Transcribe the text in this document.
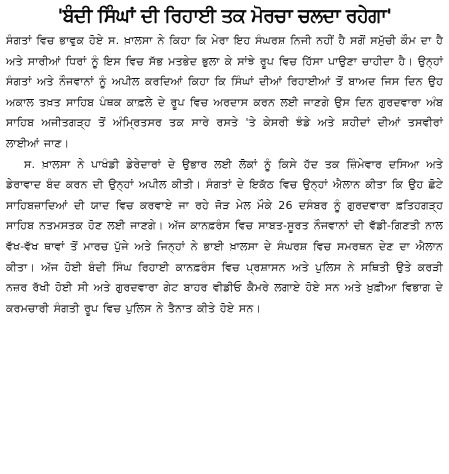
'ਬੰਦੀ ਸਿੰਘਾਂ ਦੀ ਰਿਹਾਈ ਤਕ ਮੋਰਚਾ ਚਲਦਾ ਰਹੇਗਾ'

ਸੰਗਤਾਂ ਵਿਚ ਭਾਵੁਕ ਹੋਏ ਸ. ਖ਼ਾਲਸਾ ਨੇ ਕਿਹਾ ਕਿ ਮੇਰਾ ਇਹ ਸੰਘਰਸ਼ ਨਿਜੀ ਨਹੀਂ ਹੈ ਸਗੋਂ ਸਮੁੱਚੀ ਕੌਮ ਦਾ ਹੈ ਅਤੇ ਸਾਰੀਆਂ ਧਿਰਾਂ ਨੂੰ ਇਸ ਵਿਚ ਸੱਭ ਮਤਭੇਦ ਭੁਲਾ ਕੇ ਸਾਂਝੇ ਰੂਪ ਵਿਚ ਹਿੱਸਾ ਪਾਉਣਾ ਚਾਹੀਦਾ ਹੈ। ਉਨ੍ਹਾਂ ਸੰਗਤਾਂ ਅਤੇ ਨੌਜਵਾਨਾਂ ਨੂੰ ਅਪੀਲ ਕਰਦਿਆਂ ਕਿਹਾ ਕਿ ਸਿੰਘਾਂ ਦੀਆਂ ਰਿਹਾਈਆਂ ਤੋਂ ਬਾਅਦ ਜਿਸ ਦਿਨ ਉਹ ਅਕਾਲ ਤਖ਼ਤ ਸਾਹਿਬ ਪੰਥਕ ਕਾਫ਼ਲੇ ਦੇ ਰੂਪ ਵਿਚ ਅਰਦਾਸ ਕਰਨ ਲਈ ਜਾਣਗੇ ਉਸ ਦਿਨ ਗੁਰਦਵਾਰਾ ਅੰਬ ਸਾਹਿਬ ਅਜੀਤਗੜ੍ਹ ਤੋਂ ਅੰਮ੍ਰਿਤਸਰ ਤਕ ਸਾਰੇ ਰਸਤੇ 'ਤੇ ਕੇਸਰੀ ਝੰਡੇ ਅਤੇ ਸ਼ਹੀਦਾਂ ਦੀਆਂ ਤਸਵੀਰਾਂ ਲਾਈਆਂ ਜਾਣ।

ਸ. ਖ਼ਾਲਸਾ ਨੇ ਪਾਖੰਡੀ ਡੇਰੇਦਾਰਾਂ ਦੇ ਉਭਾਰ ਲਈ ਲੋਕਾਂ ਨੂੰ ਕਿਸੇ ਹੱਦ ਤਕ ਜ਼ਿੰਮੇਵਾਰ ਦਸਿਆ ਅਤੇ ਡੇਰਾਵਾਦ ਬੰਦ ਕਰਨ ਦੀ ਉਨ੍ਹਾਂ ਅਪੀਲ ਕੀਤੀ। ਸੰਗਤਾਂ ਦੇ ਇਕੱਠ ਵਿਚ ਉਨ੍ਹਾਂ ਐਲਾਨ ਕੀਤਾ ਕਿ ਉਹ ਛੋਟੇ ਸਾਹਿਬਜ਼ਾਦਿਆਂ ਦੀ ਯਾਦ ਵਿਚ ਕਰਵਾਏ ਜਾ ਰਹੇ ਜੋੜ ਮੇਲ ਮੌਕੇ 26 ਦਸੰਬਰ ਨੂੰ ਗੁਰਦਵਾਰਾ ਫ਼ਤਿਹਗੜ੍ਹ ਸਾਹਿਬ ਨਤਮਸਤਕ ਹੋਣ ਲਈ ਜਾਣਗੇ। ਅੱਜ ਕਾਨਫ਼ਰੰਸ ਵਿਚ ਸਾਬਤ-ਸੂਰਤ ਨੌਜਵਾਨਾਂ ਦੀ ਵੱਡੀ-ਗਿਣਤੀ ਨਾਲ ਵੱਖ-ਵੱਖ ਥਾਵਾਂ ਤੋਂ ਮਾਰਚ ਪੁੱਜੇ ਅਤੇ ਜਿਨ੍ਹਾਂ ਨੇ ਭਾਈ ਖ਼ਾਲਸਾ ਦੇ ਸੰਘਰਸ਼ ਵਿਚ ਸਮਰਥਨ ਦੇਣ ਦਾ ਐਲਾਨ ਕੀਤਾ। ਅੱਜ ਹੋਈ ਬੰਦੀ ਸਿੰਘ ਰਿਹਾਈ ਕਾਨਫ਼ਰੰਸ ਵਿਚ ਪ੍ਰਸ਼ਾਸਨ ਅਤੇ ਪੁਲਿਸ ਨੇ ਸਥਿਤੀ ਉਤੇ ਕਰੜੀ ਨਜ਼ਰ ਰੱਖੀ ਹੋਈ ਸੀ ਅਤੇ ਗੁਰਦਵਾਰਾ ਗੇਟ ਬਾਹਰ ਵੀਡੀਓ ਕੈਮਰੇ ਲਗਾਏ ਹੋਏ ਸਨ ਅਤੇ ਖ਼ੁਫ਼ੀਆ ਵਿਭਾਗ ਦੇ ਕਰਮਚਾਰੀ ਸੰਗਤੀ ਰੂਪ ਵਿਚ ਪੁਲਿਸ ਨੇ ਤੈਨਾਤ ਕੀਤੇ ਹੋਏ ਸਨ।
